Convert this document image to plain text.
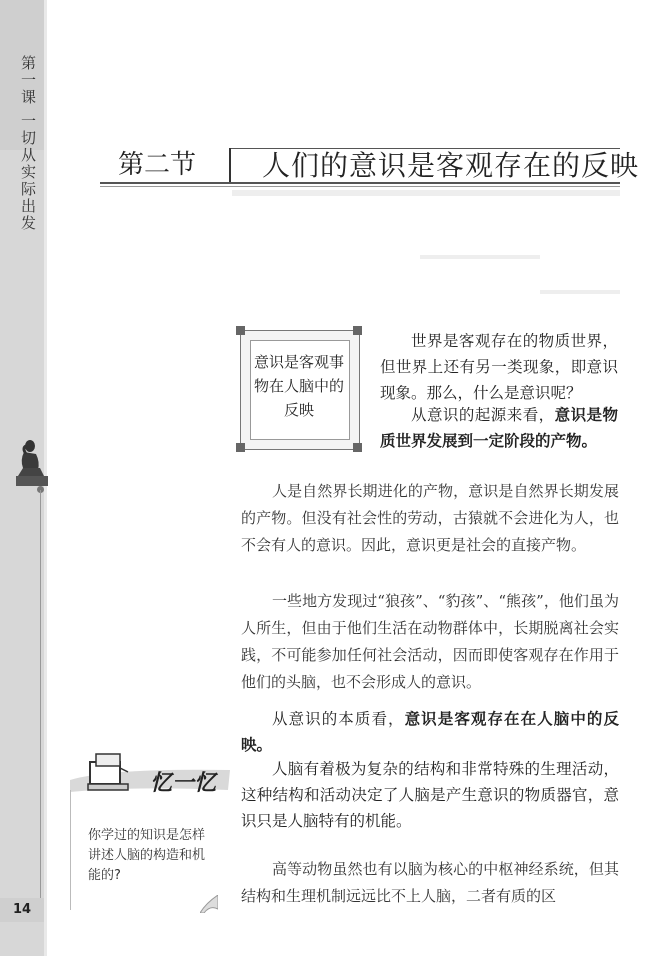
第一课 一切从实际出发
14
第二节 人们的意识是客观存在的反映
意识是客观事物在人脑中的反映
世界是客观存在的物质世界，但世界上还有另一类现象，即意识现象。那么，什么是意识呢？
从意识的起源来看，意识是物质世界发展到一定阶段的产物。
人是自然界长期进化的产物，意识是自然界长期发展的产物。但没有社会性的劳动，古猿就不会进化为人，也不会有人的意识。因此，意识更是社会的直接产物。
一些地方发现过“狼孩”、“豹孩”、“熊孩”，他们虽为人所生，但由于他们生活在动物群体中，长期脱离社会实践，不可能参加任何社会活动，因而即使客观存在作用于他们的头脑，也不会形成人的意识。
从意识的本质看，意识是客观存在在人脑中的反映。
人脑有着极为复杂的结构和非常特殊的生理活动，这种结构和活动决定了人脑是产生意识的物质器官，意识只是人脑特有的机能。
高等动物虽然也有以脑为核心的中枢神经系统，但其结构和生理机制远远比不上人脑，二者有质的区
忆一忆
你学过的知识是怎样讲述人脑的构造和机能的?
